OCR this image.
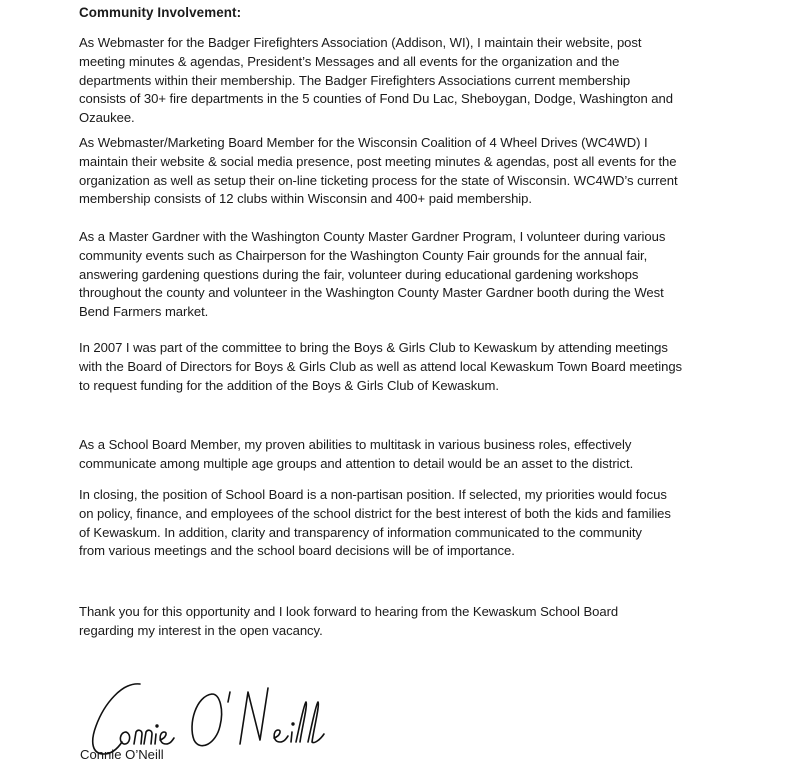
Community Involvement:
As Webmaster for the Badger Firefighters Association (Addison, WI), I maintain their website, post
meeting minutes & agendas, President’s Messages and all events for the organization and the
departments within their membership. The Badger Firefighters Associations current membership
consists of 30+ fire departments in the 5 counties of Fond Du Lac, Sheboygan, Dodge, Washington and
Ozaukee.
As Webmaster/Marketing Board Member for the Wisconsin Coalition of 4 Wheel Drives (WC4WD) I
maintain their website & social media presence, post meeting minutes & agendas, post all events for the
organization as well as setup their on-line ticketing process for the state of Wisconsin. WC4WD’s current
membership consists of 12 clubs within Wisconsin and 400+ paid membership.
As a Master Gardner with the Washington County Master Gardner Program, I volunteer during various
community events such as Chairperson for the Washington County Fair grounds for the annual fair,
answering gardening questions during the fair, volunteer during educational gardening workshops
throughout the county and volunteer in the Washington County Master Gardner booth during the West
Bend Farmers market.
In 2007 I was part of the committee to bring the Boys & Girls Club to Kewaskum by attending meetings
with the Board of Directors for Boys & Girls Club as well as attend local Kewaskum Town Board meetings
to request funding for the addition of the Boys & Girls Club of Kewaskum.
As a School Board Member, my proven abilities to multitask in various business roles, effectively
communicate among multiple age groups and attention to detail would be an asset to the district.
In closing, the position of School Board is a non-partisan position. If selected, my priorities would focus
on policy, finance, and employees of the school district for the best interest of both the kids and families
of Kewaskum. In addition, clarity and transparency of information communicated to the community
from various meetings and the school board decisions will be of importance.
Thank you for this opportunity and I look forward to hearing from the Kewaskum School Board
regarding my interest in the open vacancy.
Connie O’Neill
